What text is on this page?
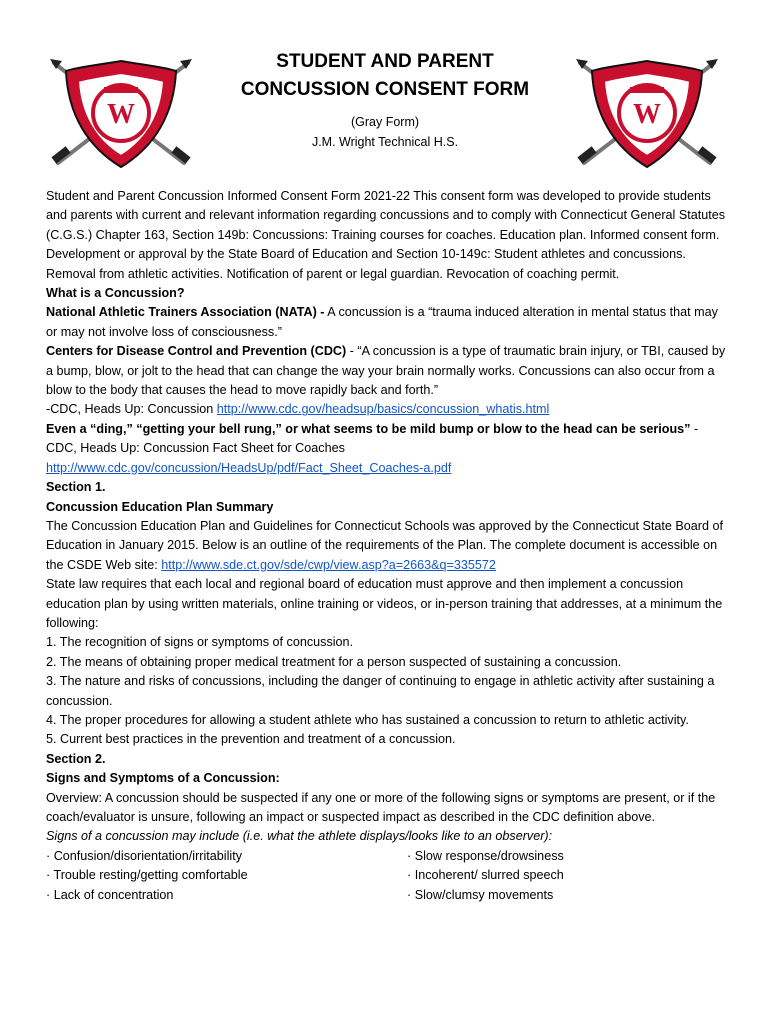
W	W
STUDENT AND PARENT
CONCUSSION CONSENT FORM
(Gray Form)
J.M. Wright Technical H.S.

Student and Parent Concussion Informed Consent Form 2021-22 This consent form was developed to provide students and parents with current and relevant information regarding concussions and to comply with Connecticut General Statutes (C.G.S.) Chapter 163, Section 149b: Concussions: Training courses for coaches. Education plan. Informed consent form. Development or approval by the State Board of Education and Section 10-149c: Student athletes and concussions. Removal from athletic activities. Notification of parent or legal guardian. Revocation of coaching permit.

What is a Concussion?

National Athletic Trainers Association (NATA) - A concussion is a “trauma induced alteration in mental status that may or may not involve loss of consciousness.”

Centers for Disease Control and Prevention (CDC) - “A concussion is a type of traumatic brain injury, or TBI, caused by a bump, blow, or jolt to the head that can change the way your brain normally works. Concussions can also occur from a blow to the body that causes the head to move rapidly back and forth.”

-CDC, Heads Up: Concussion http://www.cdc.gov/headsup/basics/concussion_whatis.html

Even a “ding,” “getting your bell rung,” or what seems to be mild bump or blow to the head can be serious” -CDC, Heads Up: Concussion Fact Sheet for Coaches

http://www.cdc.gov/concussion/HeadsUp/pdf/Fact_Sheet_Coaches-a.pdf

Section 1.

Concussion Education Plan Summary

The Concussion Education Plan and Guidelines for Connecticut Schools was approved by the Connecticut State Board of Education in January 2015. Below is an outline of the requirements of the Plan. The complete document is accessible on the CSDE Web site: http://www.sde.ct.gov/sde/cwp/view.asp?a=2663&q=335572

State law requires that each local and regional board of education must approve and then implement a concussion education plan by using written materials, online training or videos, or in-person training that addresses, at a minimum the following:

1. The recognition of signs or symptoms of concussion.

2. The means of obtaining proper medical treatment for a person suspected of sustaining a concussion.

3. The nature and risks of concussions, including the danger of continuing to engage in athletic activity after sustaining a concussion.

4. The proper procedures for allowing a student athlete who has sustained a concussion to return to athletic activity.

5. Current best practices in the prevention and treatment of a concussion.

Section 2.

Signs and Symptoms of a Concussion:

Overview: A concussion should be suspected if any one or more of the following signs or symptoms are present, or if the coach/evaluator is unsure, following an impact or suspected impact as described in the CDC definition above.

Signs of a concussion may include (i.e. what the athlete displays/looks like to an observer):

· Confusion/disorientation/irritability

· Trouble resting/getting comfortable

· Lack of concentration

· Slow response/drowsiness

· Incoherent/ slurred speech

· Slow/clumsy movements
